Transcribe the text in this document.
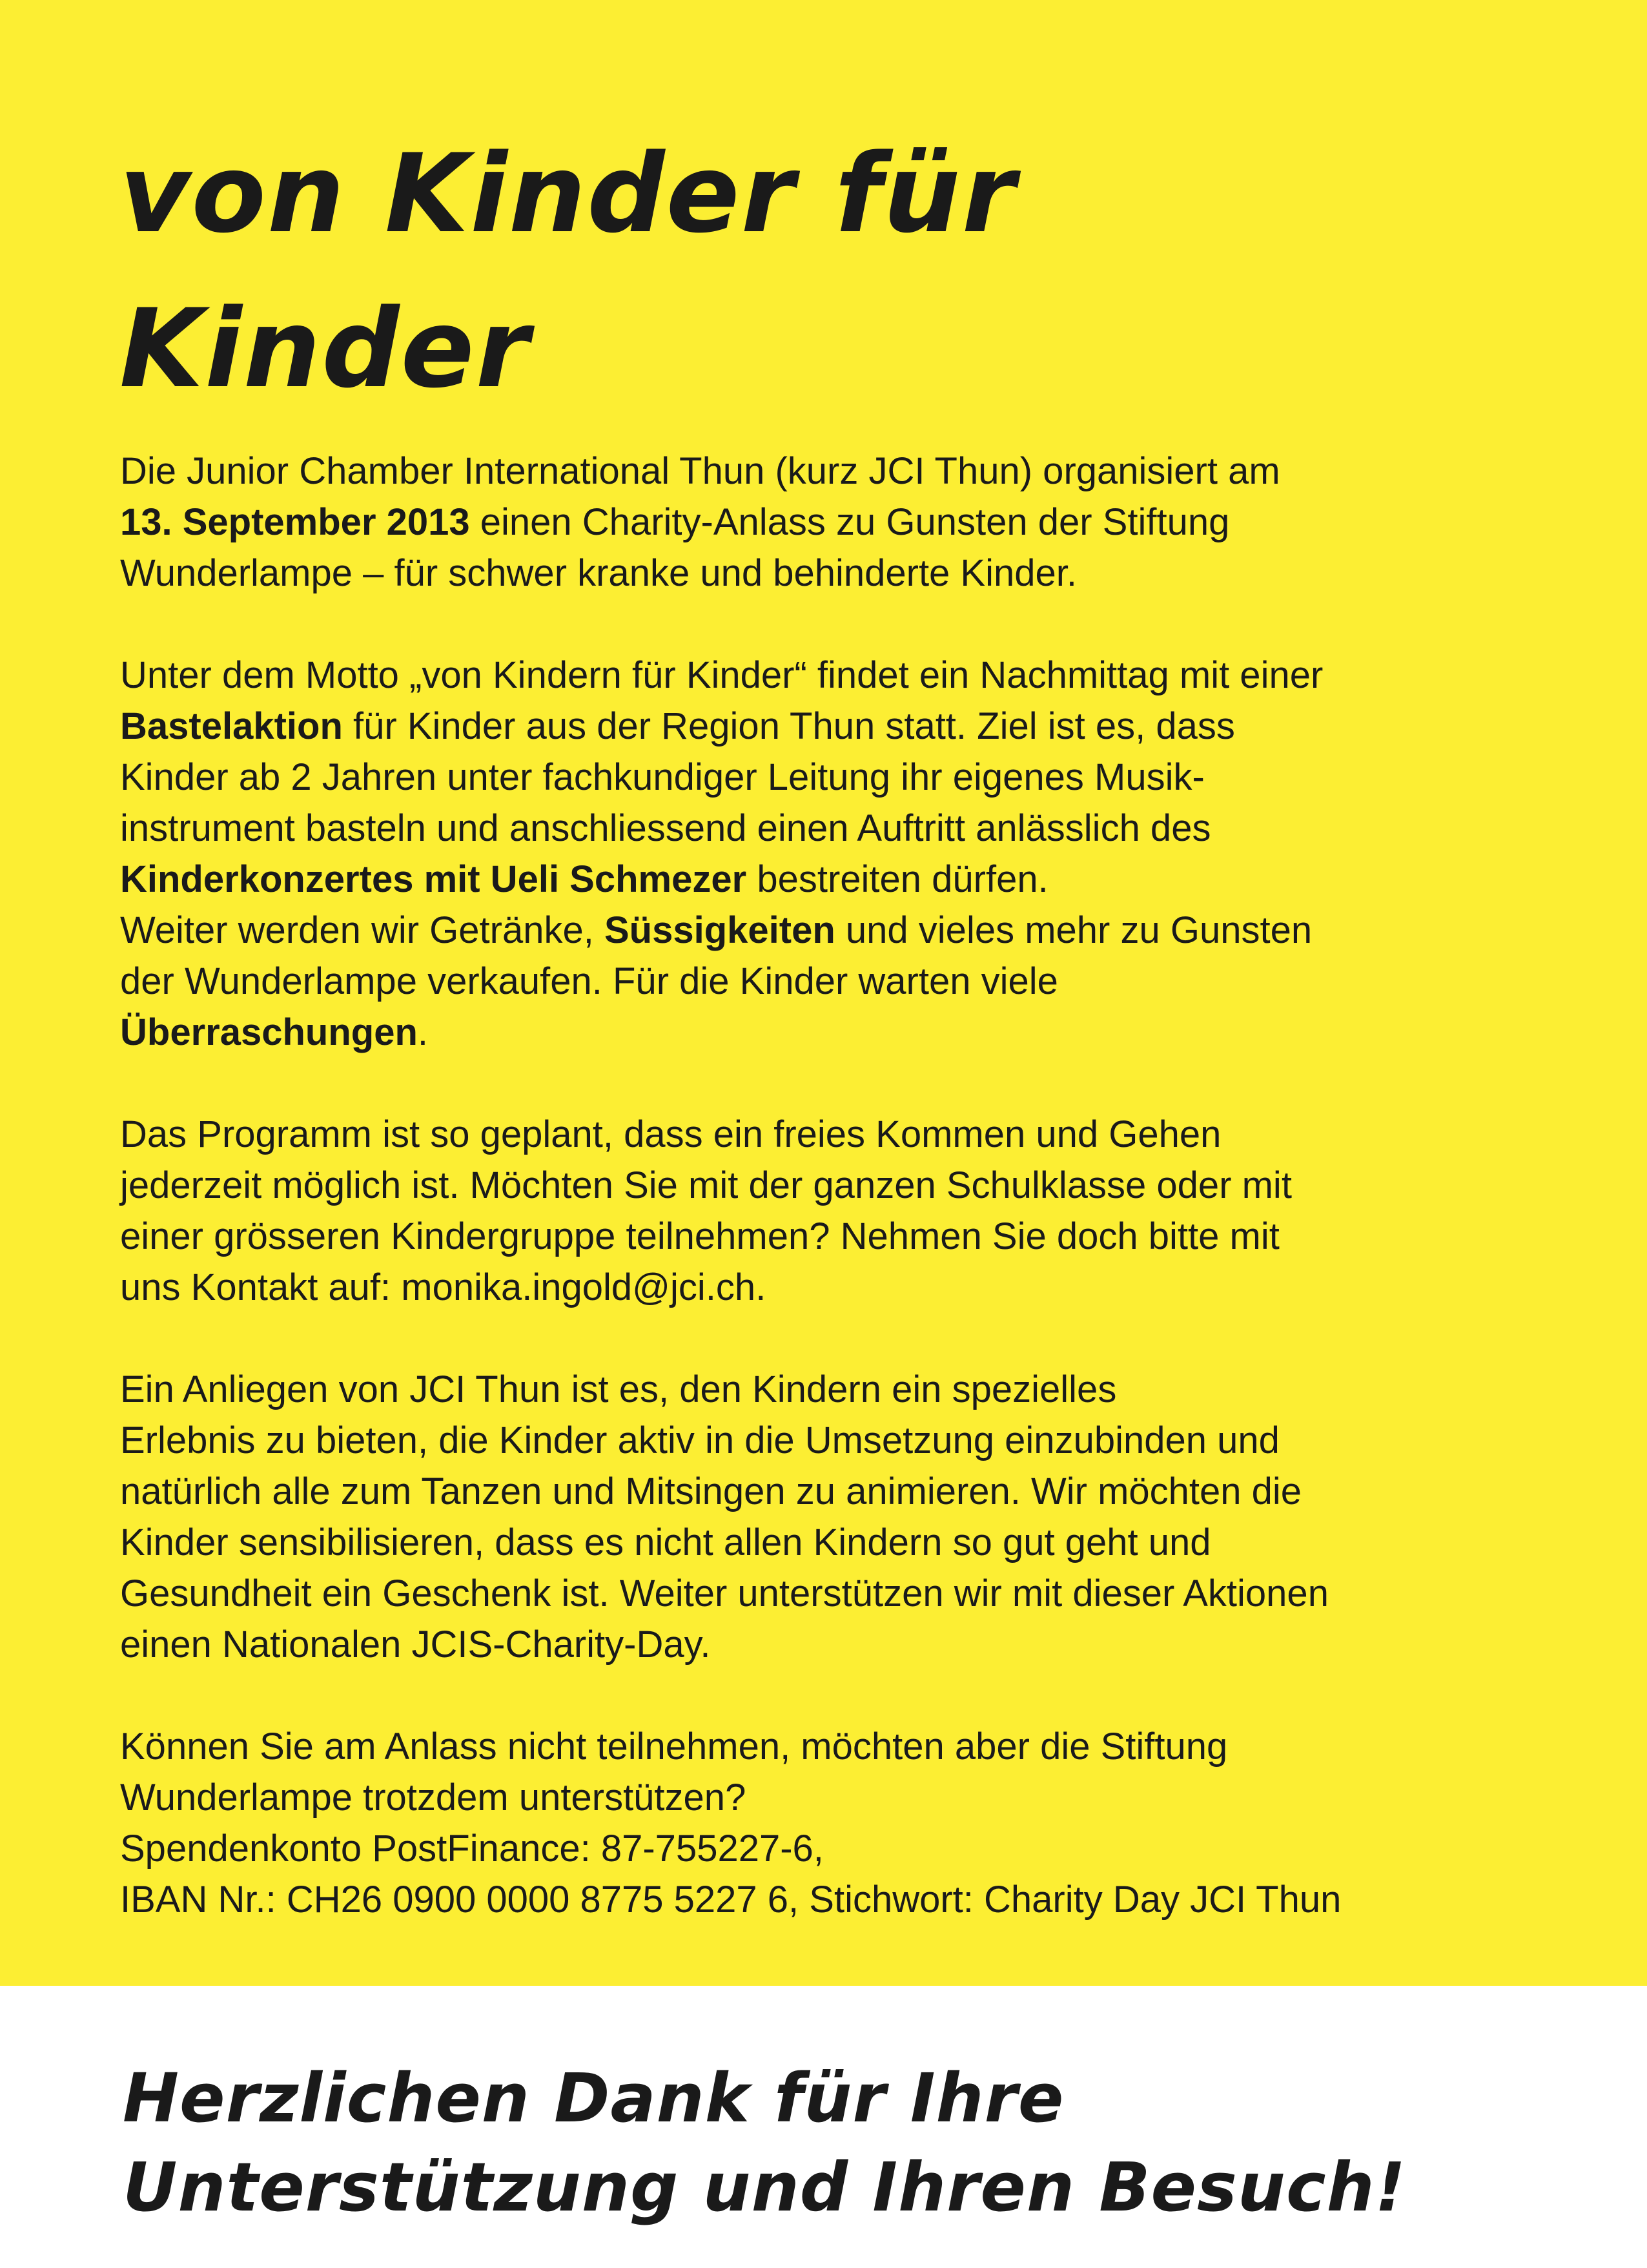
von Kinder für
Kinder

Die Junior Chamber International Thun (kurz JCI Thun) organisiert am
13. September 2013 einen Charity-Anlass zu Gunsten der Stiftung
Wunderlampe – für schwer kranke und behinderte Kinder.

Unter dem Motto „von Kindern für Kinder“ findet ein Nachmittag mit einer
Bastelaktion für Kinder aus der Region Thun statt. Ziel ist es, dass
Kinder ab 2 Jahren unter fachkundiger Leitung ihr eigenes Musik-
instrument basteln und anschliessend einen Auftritt anlässlich des
Kinderkonzertes mit Ueli Schmezer bestreiten dürfen.
Weiter werden wir Getränke, Süssigkeiten und vieles mehr zu Gunsten
der Wunderlampe verkaufen. Für die Kinder warten viele
Überraschungen.

Das Programm ist so geplant, dass ein freies Kommen und Gehen
jederzeit möglich ist. Möchten Sie mit der ganzen Schulklasse oder mit
einer grösseren Kindergruppe teilnehmen? Nehmen Sie doch bitte mit
uns Kontakt auf: monika.ingold@jci.ch.

Ein Anliegen von JCI Thun ist es, den Kindern ein spezielles
Erlebnis zu bieten, die Kinder aktiv in die Umsetzung einzubinden und
natürlich alle zum Tanzen und Mitsingen zu animieren. Wir möchten die
Kinder sensibilisieren, dass es nicht allen Kindern so gut geht und
Gesundheit ein Geschenk ist. Weiter unterstützen wir mit dieser Aktionen
einen Nationalen JCIS-Charity-Day.

Können Sie am Anlass nicht teilnehmen, möchten aber die Stiftung
Wunderlampe trotzdem unterstützen?
Spendenkonto PostFinance: 87-755227-6,
IBAN Nr.: CH26 0900 0000 8775 5227 6, Stichwort: Charity Day JCI Thun

Herzlichen Dank für Ihre
Unterstützung und Ihren Besuch!
